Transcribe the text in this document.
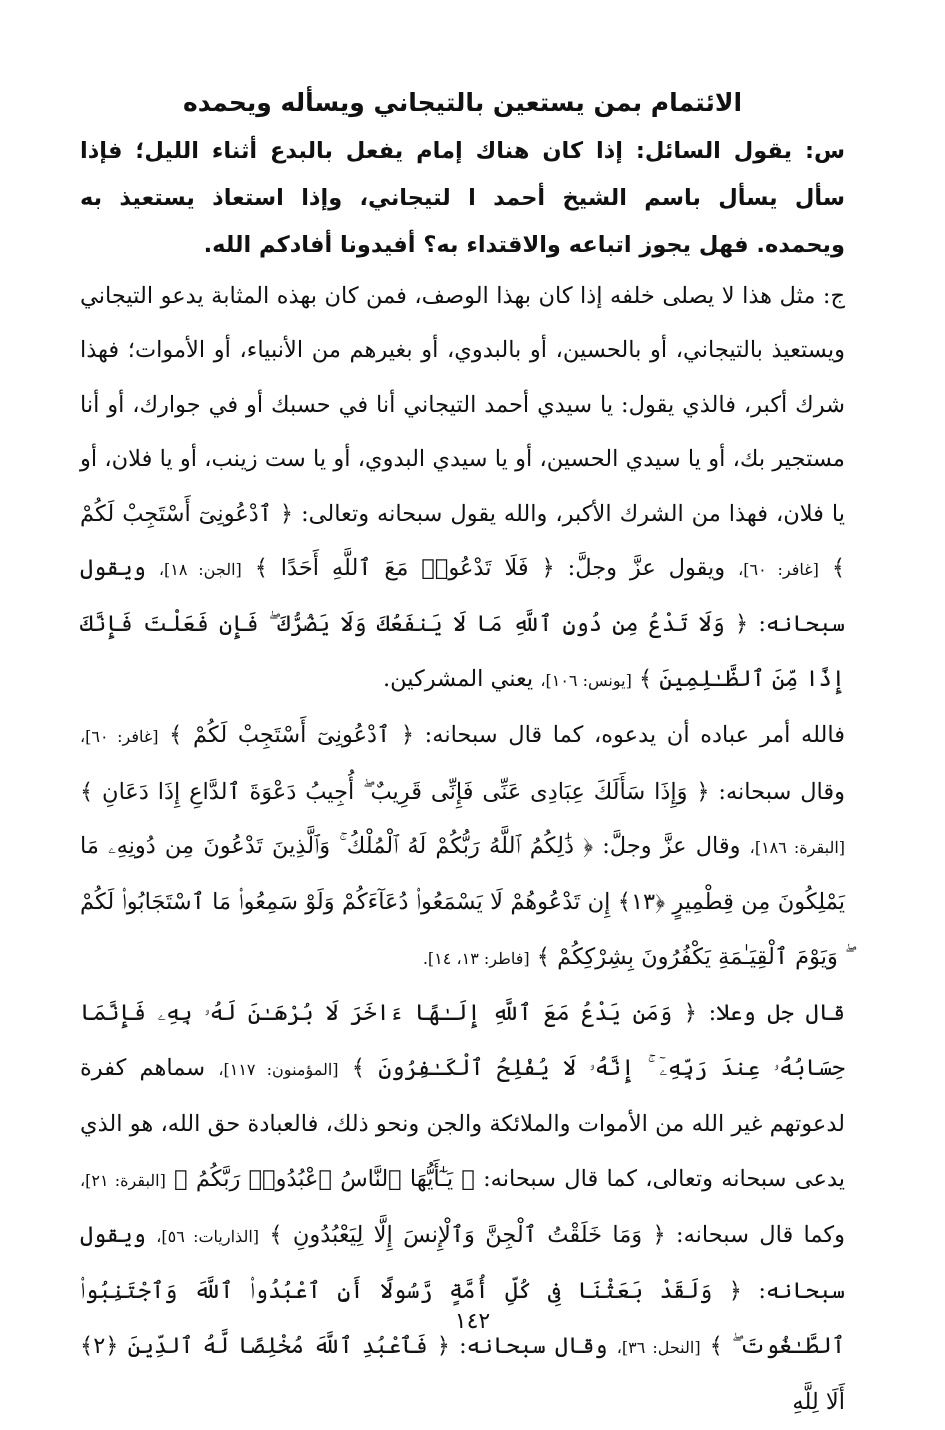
الائتمام بمن يستعين بالتيجاني ويسأله ويحمده

س: يقول السائل: إذا كان هناك إمام يفعل بالبدع أثناء الليل؛ فإذا سأل يسأل باسم الشيخ أحمد ا لتيجاني، وإذا استعاذ يستعيذ به ويحمده. فهل يجوز اتباعه والاقتداء به؟ أفيدونا أفادكم الله.

ج: مثل هذا لا يصلى خلفه إذا كان بهذا الوصف، فمن كان بهذه المثابة يدعو التيجاني ويستعيذ بالتيجاني، أو بالحسين، أو بالبدوي، أو بغيرهم من الأنبياء، أو الأموات؛ فهذا شرك أكبر، فالذي يقول: يا سيدي أحمد التيجاني أنا في حسبك أو في جوارك، أو أنا مستجير بك، أو يا سيدي الحسين، أو يا سيدي البدوي، أو يا ست زينب، أو يا فلان، أو يا فلان، فهذا من الشرك الأكبر، والله يقول سبحانه وتعالى: ﴿ ٱدْعُونِىٓ أَسْتَجِبْ لَكُمْ ﴾ [غافر: ٦٠]، ويقول عزَّ وجلَّ: ﴿ فَلَا تَدْعُوا۟ مَعَ ٱللَّهِ أَحَدًا ﴾ [الجن: ١٨]، ويقول سبحانه: ﴿ وَلَا تَدْعُ مِن دُونِ ٱللَّهِ مَا لَا يَنفَعُكَ وَلَا يَضُرُّكَ ۖ فَإِن فَعَلْتَ فَإِنَّكَ إِذًا مِّنَ ٱلظَّـٰلِمِينَ ﴾ [يونس: ١٠٦]، يعني المشركين.

فالله أمر عباده أن يدعوه، كما قال سبحانه: ﴿ ٱدْعُونِىٓ أَسْتَجِبْ لَكُمْ ﴾ [غافر: ٦٠]، وقال سبحانه: ﴿ وَإِذَا سَأَلَكَ عِبَادِى عَنِّى فَإِنِّى قَرِيبٌ ۖ أُجِيبُ دَعْوَةَ ٱلدَّاعِ إِذَا دَعَانِ ﴾ [البقرة: ١٨٦]، وقال عزَّ وجلَّ: ﴿ ذَٰلِكُمُ ٱللَّهُ رَبُّكُمْ لَهُ ٱلْمُلْكُ ۚ وَٱلَّذِينَ تَدْعُونَ مِن دُونِهِۦ مَا يَمْلِكُونَ مِن قِطْمِيرٍ ﴿١٣﴾ إِن تَدْعُوهُمْ لَا يَسْمَعُوا۟ دُعَآءَكُمْ وَلَوْ سَمِعُوا۟ مَا ٱسْتَجَابُوا۟ لَكُمْ ۖ وَيَوْمَ ٱلْقِيَـٰمَةِ يَكْفُرُونَ بِشِرْكِكُمْ ﴾ [فاطر: ١٣، ١٤].

قال جل وعلا: ﴿ وَمَن يَدْعُ مَعَ ٱللَّهِ إِلَـٰهًا ءَاخَرَ لَا بُرْهَـٰنَ لَهُۥ بِهِۦ فَإِنَّمَا حِسَابُهُۥ عِندَ رَبِّهِۦٓ ۚ إِنَّهُۥ لَا يُفْلِحُ ٱلْكَـٰفِرُونَ ﴾ [المؤمنون: ١١٧]، سماهم كفرة لدعوتهم غير الله من الأموات والملائكة والجن ونحو ذلك، فالعبادة حق الله، هو الذي يدعى سبحانه وتعالى، كما قال سبحانه: ﴿ يَـٰٓأَيُّهَا ٱلنَّاسُ ٱعْبُدُوا۟ رَبَّكُمُ ﴾ [البقرة: ٢١]، وكما قال سبحانه: ﴿ وَمَا خَلَقْتُ ٱلْجِنَّ وَٱلْإِنسَ إِلَّا لِيَعْبُدُونِ ﴾ [الذاريات: ٥٦]، ويقول سبحانه: ﴿ وَلَقَدْ بَعَثْنَا فِى كُلِّ أُمَّةٍ رَّسُولًا أَنِ ٱعْبُدُوا۟ ٱللَّهَ وَٱجْتَنِبُوا۟ ٱلطَّـٰغُوتَ ۖ ﴾ [النحل: ٣٦]، وقال سبحانه: ﴿ فَٱعْبُدِ ٱللَّهَ مُخْلِصًا لَّهُ ٱلدِّينَ ﴿٢﴾ أَلَا لِلَّهِ

١٤٢
